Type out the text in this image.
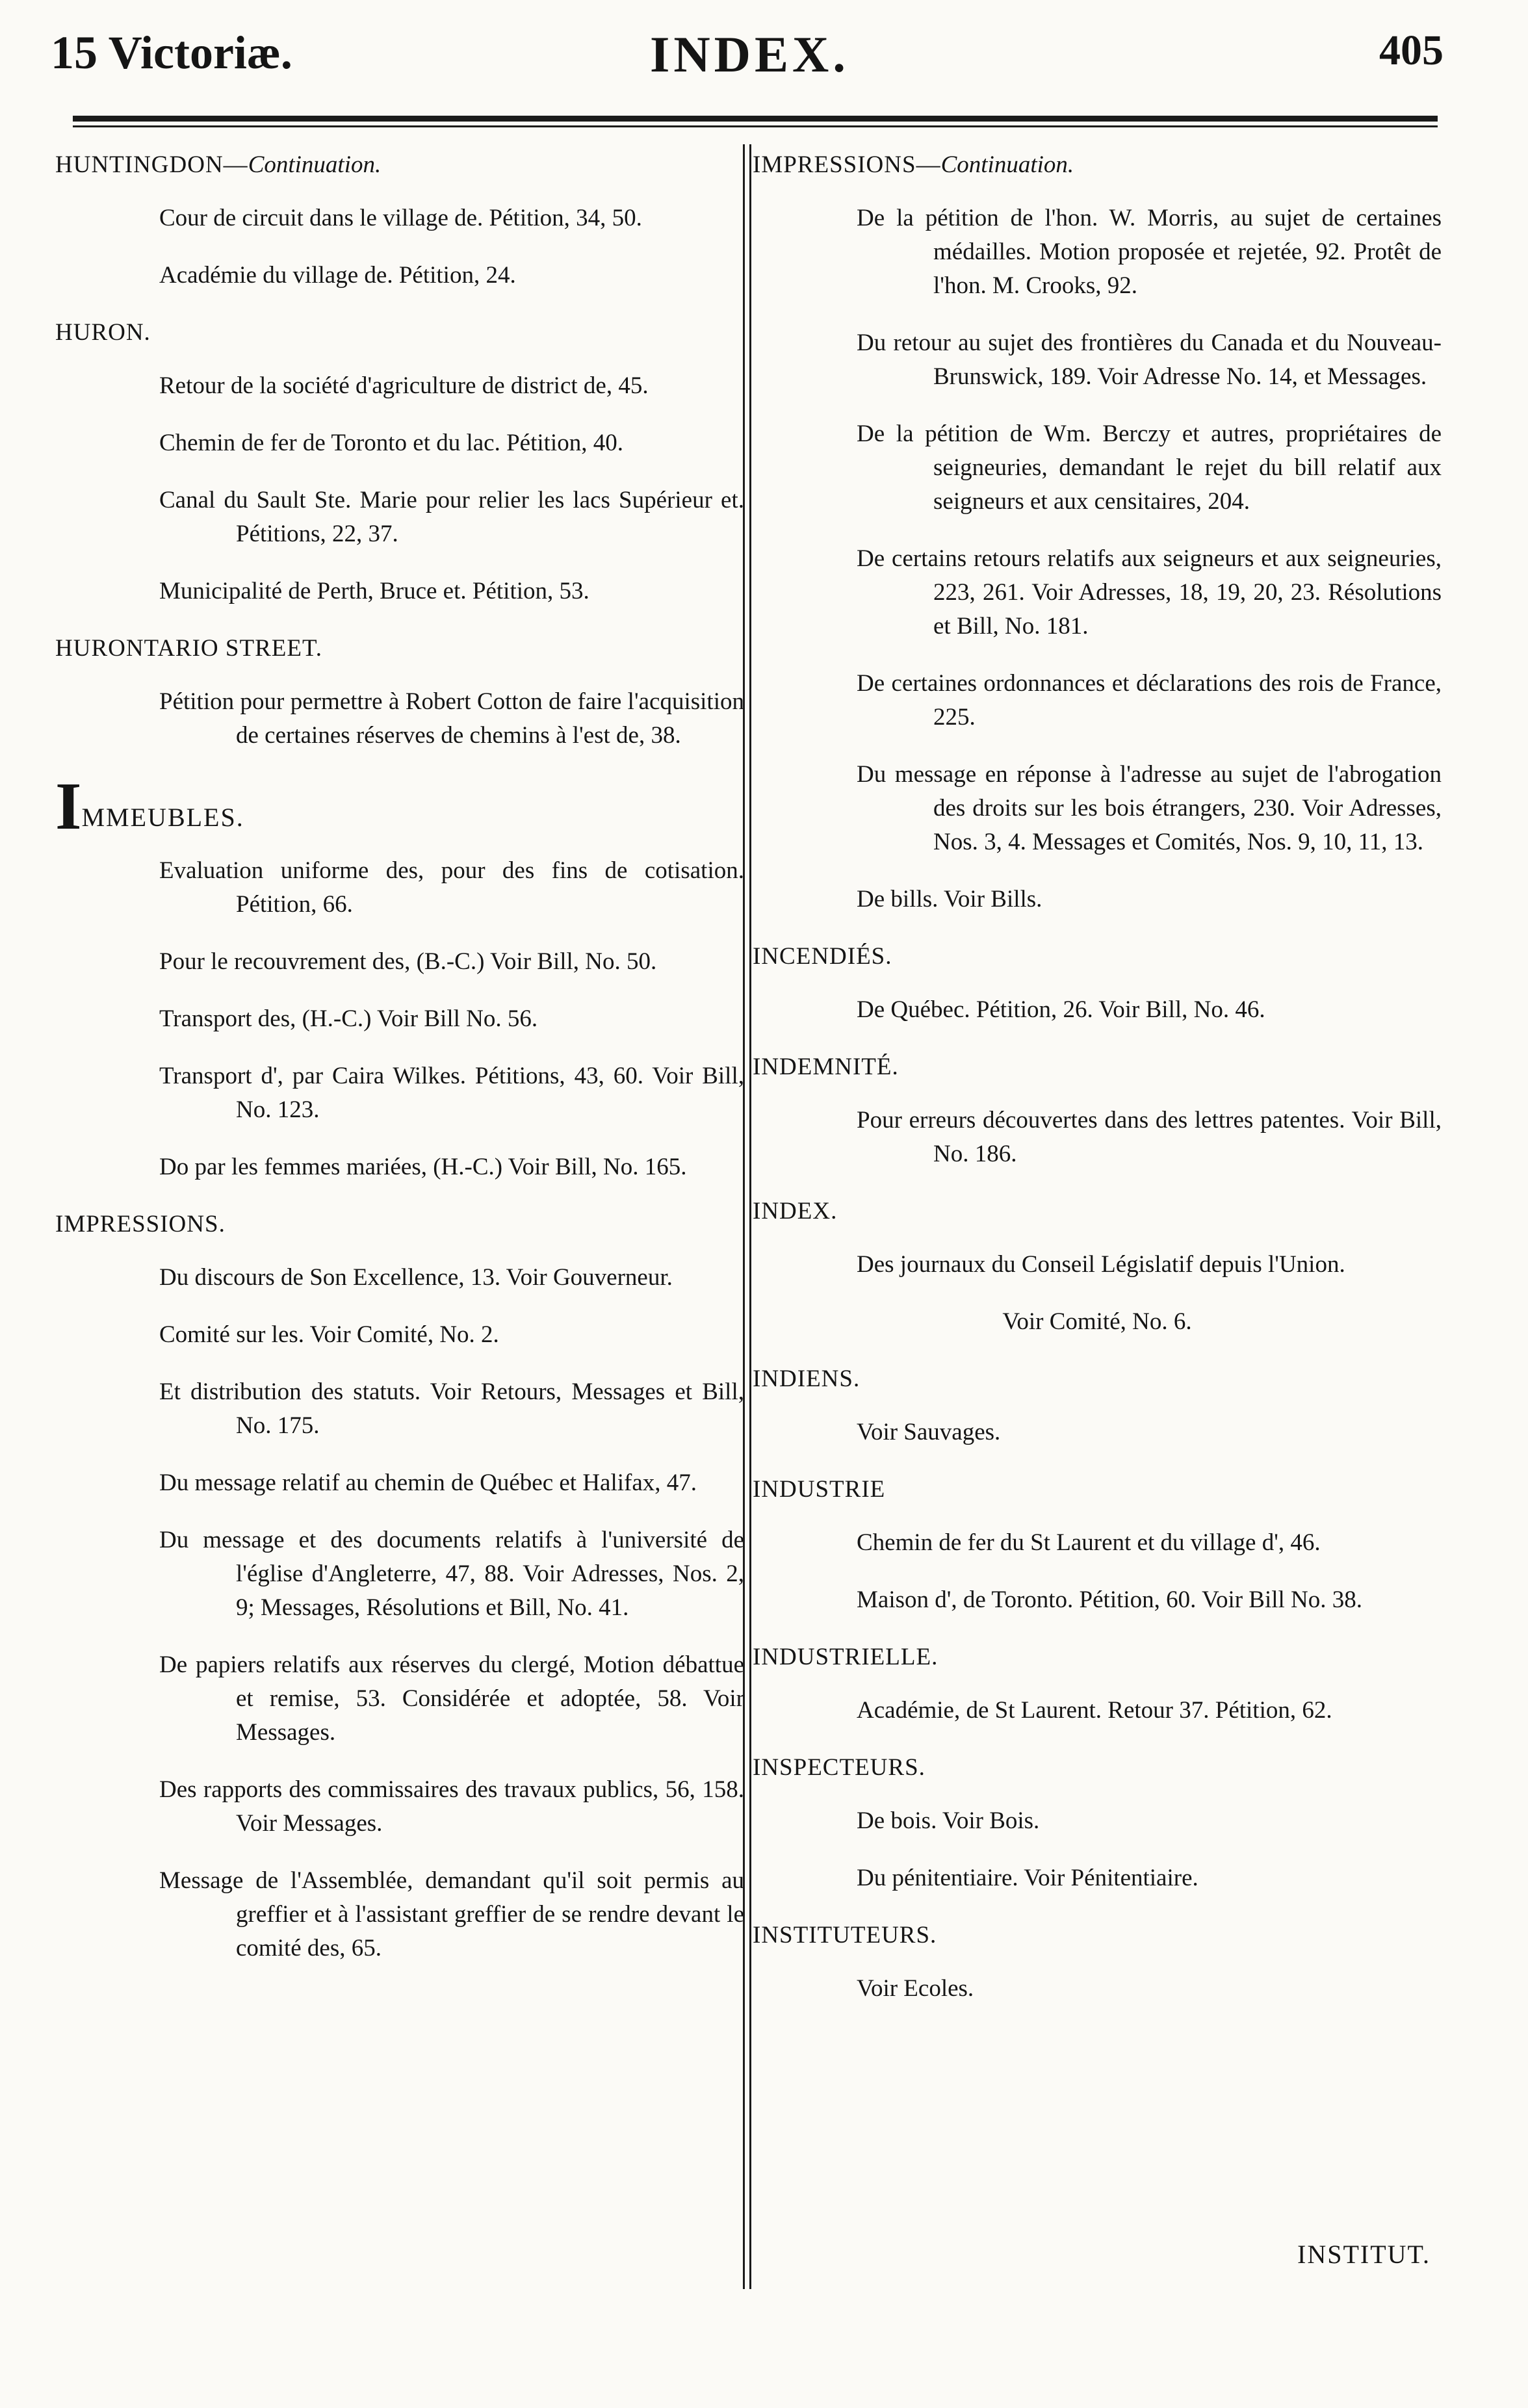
15 Victoriæ.	INDEX.	405
HUNTINGDON—Continuation.
Cour de circuit dans le village de. Pétition, 34, 50.
Académie du village de. Pétition, 24.
HURON.
Retour de la société d'agriculture de district de, 45.
Chemin de fer de Toronto et du lac. Pétition, 40.
Canal du Sault Ste. Marie pour relier les lacs Supérieur et. Pétitions, 22, 37.
Municipalité de Perth, Bruce et. Pétition, 53.
HURONTARIO STREET.
Pétition pour permettre à Robert Cotton de faire l'acquisition de certaines réserves de chemins à l'est de, 38.
I MMEUBLES.
Evaluation uniforme des, pour des fins de cotisation. Pétition, 66.
Pour le recouvrement des, (B.-C.) Voir Bill, No. 50.
Transport des, (H.-C.) Voir Bill No. 56.
Transport d', par Caira Wilkes. Pétitions, 43, 60. Voir Bill, No. 123.
Do par les femmes mariées, (H.-C.) Voir Bill, No. 165.
IMPRESSIONS.
Du discours de Son Excellence, 13. Voir Gouverneur.
Comité sur les. Voir Comité, No. 2.
Et distribution des statuts. Voir Retours, Messages et Bill, No. 175.
Du message relatif au chemin de Québec et Halifax, 47.
Du message et des documents relatifs à l'université de l'église d'Angleterre, 47, 88. Voir Adresses, Nos. 2, 9; Messages, Résolutions et Bill, No. 41.
De papiers relatifs aux réserves du clergé, Motion débattue et remise, 53. Considérée et adoptée, 58. Voir Messages.
Des rapports des commissaires des travaux publics, 56, 158. Voir Messages.
Message de l'Assemblée, demandant qu'il soit permis au greffier et à l'assistant greffier de se rendre devant le comité des, 65.
IMPRESSIONS—Continuation.
De la pétition de l'hon. W. Morris, au sujet de certaines médailles. Motion proposée et rejetée, 92. Protêt de l'hon. M. Crooks, 92.
Du retour au sujet des frontières du Canada et du Nouveau-Brunswick, 189. Voir Adresse No. 14, et Messages.
De la pétition de Wm. Berczy et autres, propriétaires de seigneuries, demandant le rejet du bill relatif aux seigneurs et aux censitaires, 204.
De certains retours relatifs aux seigneurs et aux seigneuries, 223, 261. Voir Adresses, 18, 19, 20, 23. Résolutions et Bill, No. 181.
De certaines ordonnances et déclarations des rois de France, 225.
Du message en réponse à l'adresse au sujet de l'abrogation des droits sur les bois étrangers, 230. Voir Adresses, Nos. 3, 4. Messages et Comités, Nos. 9, 10, 11, 13.
De bills. Voir Bills.
INCENDIÉS.
De Québec. Pétition, 26. Voir Bill, No. 46.
INDEMNITÉ.
Pour erreurs découvertes dans des lettres patentes. Voir Bill, No. 186.
INDEX.
Des journaux du Conseil Législatif depuis l'Union.
Voir Comité, No. 6.
INDIENS.
Voir Sauvages.
INDUSTRIE
Chemin de fer du St Laurent et du village d', 46.
Maison d', de Toronto. Pétition, 60. Voir Bill No. 38.
INDUSTRIELLE.
Académie, de St Laurent. Retour 37. Pétition, 62.
INSPECTEURS.
De bois. Voir Bois.
Du pénitentiaire. Voir Pénitentiaire.
INSTITUTEURS.
Voir Ecoles.
INSTITUT.
